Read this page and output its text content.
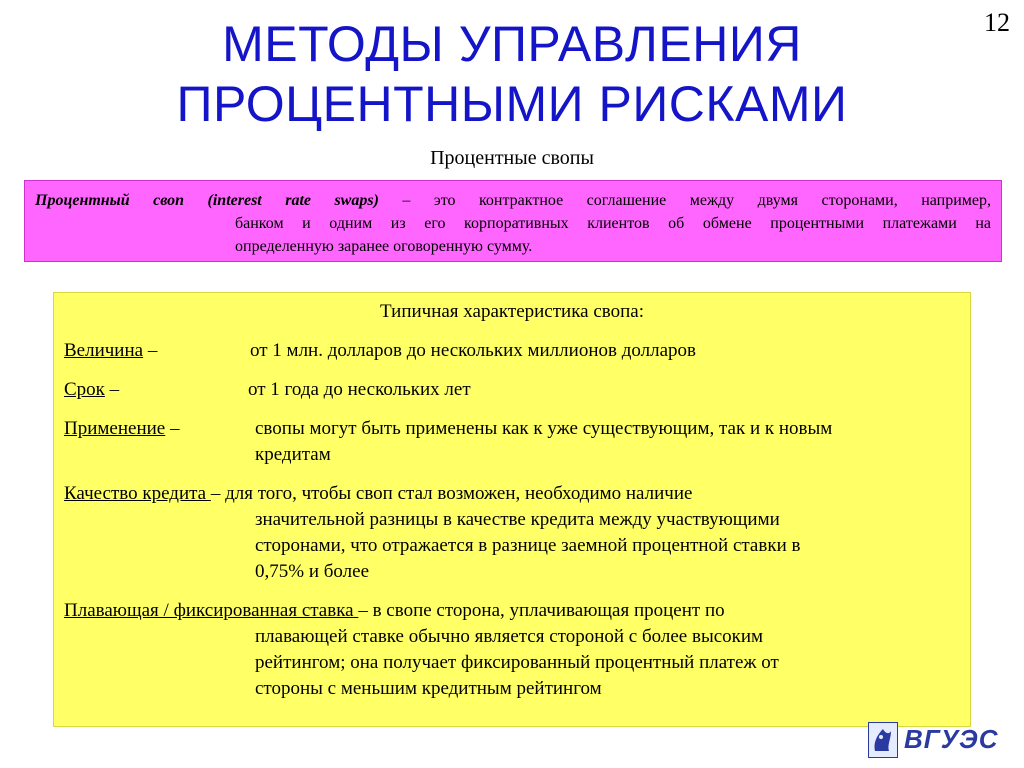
12
МЕТОДЫ УПРАВЛЕНИЯ
ПРОЦЕНТНЫМИ РИСКАМИ
Процентные свопы
Процентный своп (interest rate swaps) – это контрактное соглашение между двумя сторонами, например,
банком и одним из его корпоративных клиентов об обмене процентными платежами на
определенную заранее оговоренную сумму.
Типичная характеристика свопа:
Величина –	от 1 млн. долларов до нескольких миллионов долларов
Срок –	от 1 года до нескольких лет
Применение –	свопы могут быть применены как к уже существующим, так и к новым
кредитам
Качество кредита – для того, чтобы своп стал возможен, необходимо наличие
значительной разницы в качестве кредита между участвующими
сторонами, что отражается в разнице заемной процентной ставки в
0,75% и более
Плавающая / фиксированная ставка – в свопе сторона, уплачивающая процент по
плавающей ставке обычно является стороной с более высоким
рейтингом; она получает фиксированный процентный платеж от
стороны с меньшим кредитным рейтингом
ВГУЭС
